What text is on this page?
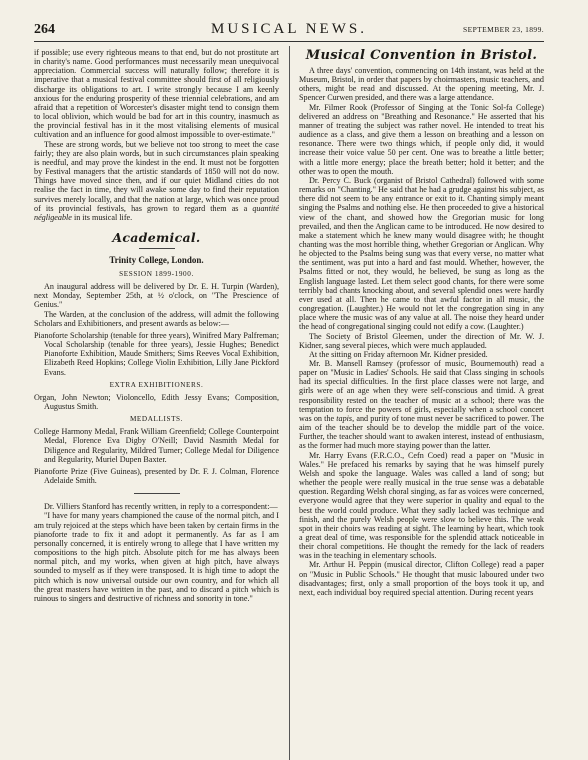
264	MUSICAL NEWS.	SEPTEMBER 23, 1899.

if possible; use every righteous means to that end, but do not prostitute art in charity's name. Good performances must necessarily mean unequivocal appreciation. Commercial success will naturally follow; therefore it is imperative that a musical festival committee should first of all religiously discharge its obligations to art. I write strongly because I am keenly anxious for the enduring prosperity of these triennial celebrations, and am afraid that a repetition of Worcester's disaster might tend to consign them to local oblivion, which would be bad for art in this country, inasmuch as the provincial festival has in it the most vitalising elements of musical cultivation and an influence for good almost impossible to over-estimate."

These are strong words, but we believe not too strong to meet the case fairly; they are also plain words, but in such circumstances plain speaking is needful, and may prove the kindest in the end. It must not be forgotten by Festival managers that the artistic standards of 1850 will not do now. Things have moved since then, and if our quiet Midland cities do not realise the fact in time, they will awake some day to find their reputation survives merely locally, and that the nation at large, which was once proud of its provincial festivals, has grown to regard them as a quantité négligeable in its musical life.

Academical.
Trinity College, London.
SESSION 1899-1900.

An inaugural address will be delivered by Dr. E. H. Turpin (Warden), next Monday, September 25th, at ½ o'clock, on "The Prescience of Genius."

The Warden, at the conclusion of the address, will admit the following Scholars and Exhibitioners, and present awards as below:—

Pianoforte Scholarship (tenable for three years), Winifred Mary Palfreman; Vocal Scholarship (tenable for three years), Jessie Hughes; Benedict Pianoforte Exhibition, Maude Smithers; Sims Reeves Vocal Exhibition, Elizabeth Reed Hopkins; College Violin Exhibition, Lilly Jane Pickford Evans.

EXTRA EXHIBITIONERS.

Organ, John Newton; Violoncello, Edith Jessy Evans; Composition, Augustus Smith.

MEDALLISTS.

College Harmony Medal, Frank William Greenfield; College Counterpoint Medal, Florence Eva Digby O'Neill; David Nasmith Medal for Diligence and Regularity, Mildred Turner; College Medal for Diligence and Regularity, Muriel Dupen Baxter.

Pianoforte Prize (Five Guineas), presented by Dr. F. J. Colman, Florence Adelaide Smith.

Dr. Villiers Stanford has recently written, in reply to a correspondent:—

"I have for many years championed the cause of the normal pitch, and I am truly rejoiced at the steps which have been taken by certain firms in the pianoforte trade to fix it and adopt it permanently. As far as I am personally concerned, it is entirely wrong to allege that I have written my compositions to the high pitch. Absolute pitch for me has always been normal pitch, and my works, when given at high pitch, have always sounded to myself as if they were transposed. It is high time to adopt the pitch which is now universal outside our own country, and for which all the great masters have written in the past, and to discard a pitch which is ruinous to singers and destructive of richness and sonority in tone."

Musical Convention in Bristol.

A three days' convention, commencing on 14th instant, was held at the Museum, Bristol, in order that papers by choirmasters, music teachers, and others, might be read and discussed. At the opening meeting, Mr. J. Spencer Curwen presided, and there was a large attendance.

Mr. Filmer Rook (Professor of Singing at the Tonic Sol-fa College) delivered an address on "Breathing and Resonance." He asserted that his manner of treating the subject was rather novel. He intended to treat his audience as a class, and give them a lesson on breathing and a lesson on resonance. There were two things which, if people only did, it would increase their voice value 50 per cent. One was to breathe a little better; with a little more energy; place the breath better; hold it better; and the other was to open the mouth.

Dr. Percy C. Buck (organist of Bristol Cathedral) followed with some remarks on "Chanting." He said that he had a grudge against his subject, as there did not seem to be any entrance or exit to it. Chanting simply meant singing the Psalms and nothing else. He then proceeded to give a historical view of the chant, and showed how the Gregorian music for long prevailed, and then the Anglican came to be introduced. He now desired to make a statement which he knew many would disagree with; he thought chanting was the most horrible thing, whether Gregorian or Anglican. Why he objected to the Psalms being sung was that every verse, no matter what the sentiment, was put into a hard and fast mould. Whether, however, the Psalms fitted or not, they would, he believed, be sung as long as the English language lasted. Let them select good chants, for there were some terribly bad chants knocking about, and several splendid ones were hardly ever used at all. Then he came to that awful factor in all music, the congregation. (Laughter.) He would not let the congregation sing in any place where the music was of any value at all. The noise they heard under the head of congregational singing could not edify a cow. (Laughter.)

The Society of Bristol Gleemen, under the direction of Mr. W. J. Kidner, sang several pieces, which were much applauded.

At the sitting on Friday afternoon Mr. Kidner presided.

Mr. B. Mansell Ramsey (professor of music, Bournemouth) read a paper on "Music in Ladies' Schools. He said that Class singing in schools had its special difficulties. In the first place classes were not large, and girls were of an age when they were self-conscious and timid. A great responsibility rested on the teacher of music at a school; there was the temptation to force the powers of girls, especially when a school concert was on the tapis, and purity of tone must never be sacrificed to power. The aim of the teacher should be to develop the middle part of the voice. Further, the teacher should want to awaken interest, instead of enthusiasm, as the former had much more staying power than the latter.

Mr. Harry Evans (F.R.C.O., Cefn Coed) read a paper on "Music in Wales." He prefaced his remarks by saying that he was himself purely Welsh and spoke the language. Wales was called a land of song; but whether the people were really musical in the true sense was a debatable question. Regarding Welsh choral singing, as far as voices were concerned, everyone would agree that they were superior in quality and equal to the best the world could produce. What they sadly lacked was technique and finish, and the purely Welsh people were slow to believe this. The weak spot in their choirs was reading at sight. The learning by heart, which took a great deal of time, was responsible for the splendid attack noticeable in their choral competitions. He thought the remedy for the lack of readers was in the teaching in elementary schools.

Mr. Arthur H. Peppin (musical director, Clifton College) read a paper on "Music in Public Schools." He thought that music laboured under two disadvantages; first, only a small proportion of the boys took it up, and next, each individual boy required special attention. During recent years
